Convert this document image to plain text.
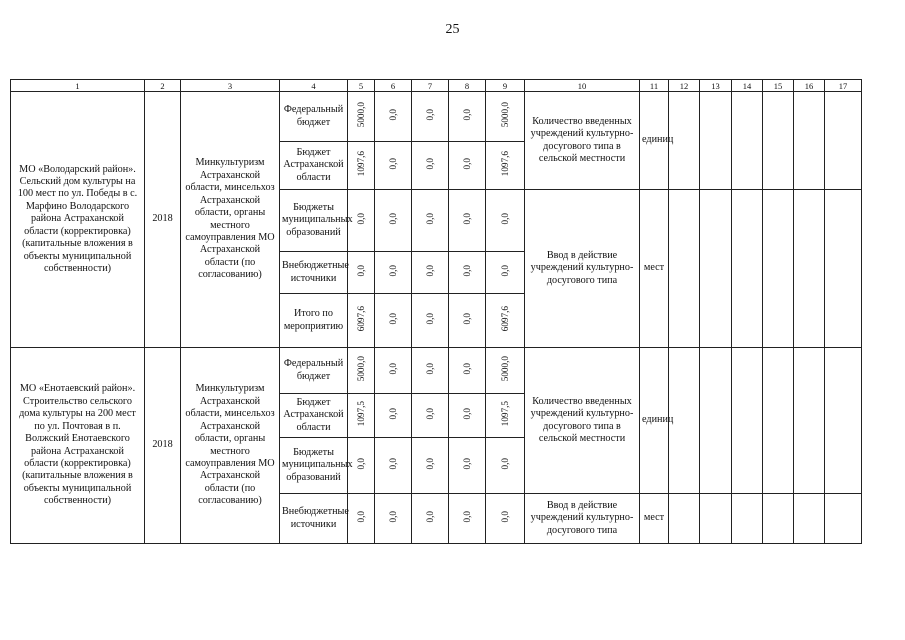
25
1	2	3	4	5	6	7	8	9	10	11	12	13	14	15	16	17
МО «Володарский район». Сельский дом культуры на 100 мест по ул. Победы в с. Марфино Володарского района Астраханской области (корректировка) (капитальные вложения в объекты муниципальной собственности)	2018	Минкультуризм Астраханской области, минсельхоз Астраханской области, органы местного самоуправления МО Астраханской области (по согласованию)	Федеральный бюджет	5000,0	0,0	0,0	0,0	5000,0	Количество введенных учреждений культурно-досугового типа в сельской местности	единиц						
			Бюджет Астраханской области	1097,6	0,0	0,0	0,0	1097,6								
			Бюджеты муниципальных образований	0,0	0,0	0,0	0,0	0,0	Ввод в действие учреждений культурно-досугового типа	мест						
			Внебюджетные источники	0,0	0,0	0,0	0,0	0,0								
			Итого по мероприятию	6097,6	0,0	0,0	0,0	6097,6								
МО «Енотаевский район». Строительство сельского дома культуры на 200 мест по ул. Почтовая в п. Волжский Енотаевского района Астраханской области (корректировка) (капитальные вложения в объекты муниципальной собственности)	2018	Минкультуризм Астраханской области, минсельхоз Астраханской области, органы местного самоуправления МО Астраханской области (по согласованию)	Федеральный бюджет	5000,0	0,0	0,0	0,0	5000,0	Количество введенных учреждений культурно-досугового типа в сельской местности	единиц						
			Бюджет Астраханской области	1097,5	0,0	0,0	0,0	1097,5								
			Бюджеты муниципальных образований	0,0	0,0	0,0	0,0	0,0								
			Внебюджетные источники	0,0	0,0	0,0	0,0	0,0	Ввод в действие учреждений культурно-досугового типа	мест						
